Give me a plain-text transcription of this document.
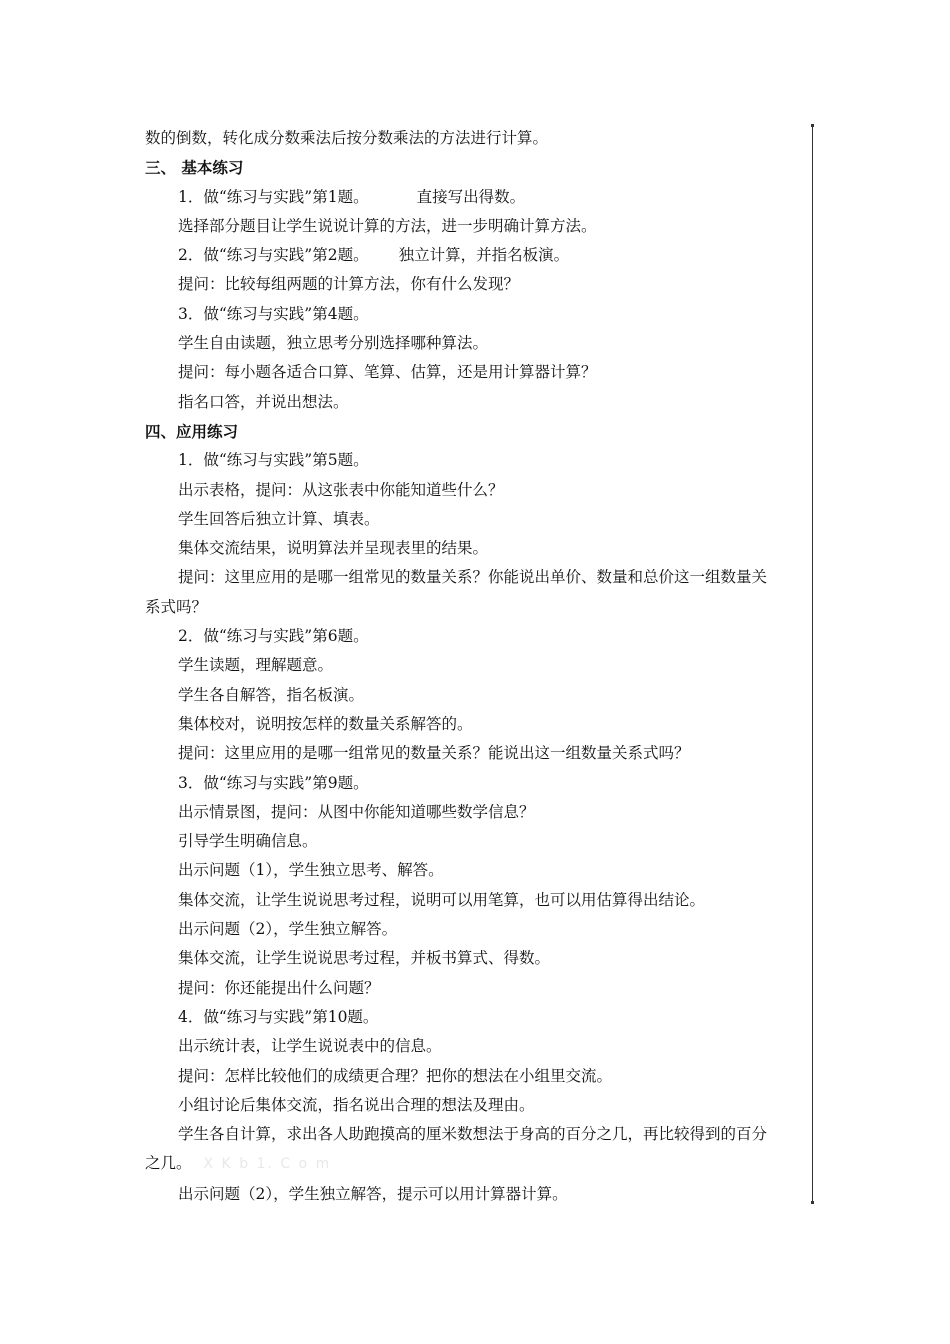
数的倒数，转化成分数乘法后按分数乘法的方法进行计算。
三、 基本练习
1．做“练习与实践”第1题。	直接写出得数。
选择部分题目让学生说说计算的方法，进一步明确计算方法。
2．做“练习与实践”第2题。 独立计算，并指名板演。
提问：比较每组两题的计算方法，你有什么发现？
3．做“练习与实践”第4题。
学生自由读题，独立思考分别选择哪种算法。
提问：每小题各适合口算、笔算、估算，还是用计算器计算？
指名口答，并说出想法。
四、应用练习
1．做“练习与实践”第5题。
出示表格，提问：从这张表中你能知道些什么？
学生回答后独立计算、填表。
集体交流结果，说明算法并呈现表里的结果。
提问：这里应用的是哪一组常见的数量关系？你能说出单价、数量和总价这一组数量关
系式吗？
2．做“练习与实践”第6题。
学生读题，理解题意。
学生各自解答，指名板演。
集体校对，说明按怎样的数量关系解答的。
提问：这里应用的是哪一组常见的数量关系？能说出这一组数量关系式吗？
3．做“练习与实践”第9题。
出示情景图，提问：从图中你能知道哪些数学信息？
引导学生明确信息。
出示问题（1），学生独立思考、解答。
集体交流，让学生说说思考过程，说明可以用笔算，也可以用估算得出结论。
出示问题（2），学生独立解答。
集体交流，让学生说说思考过程，并板书算式、得数。
提问：你还能提出什么问题？
4．做“练习与实践”第10题。
出示统计表，让学生说说表中的信息。
提问：怎样比较他们的成绩更合理？把你的想法在小组里交流。
小组讨论后集体交流，指名说出合理的想法及理由。
学生各自计算，求出各人助跑摸高的厘米数想法于身高的百分之几，再比较得到的百分
之几。 X K b 1. C o m
出示问题（2），学生独立解答，提示可以用计算器计算。
